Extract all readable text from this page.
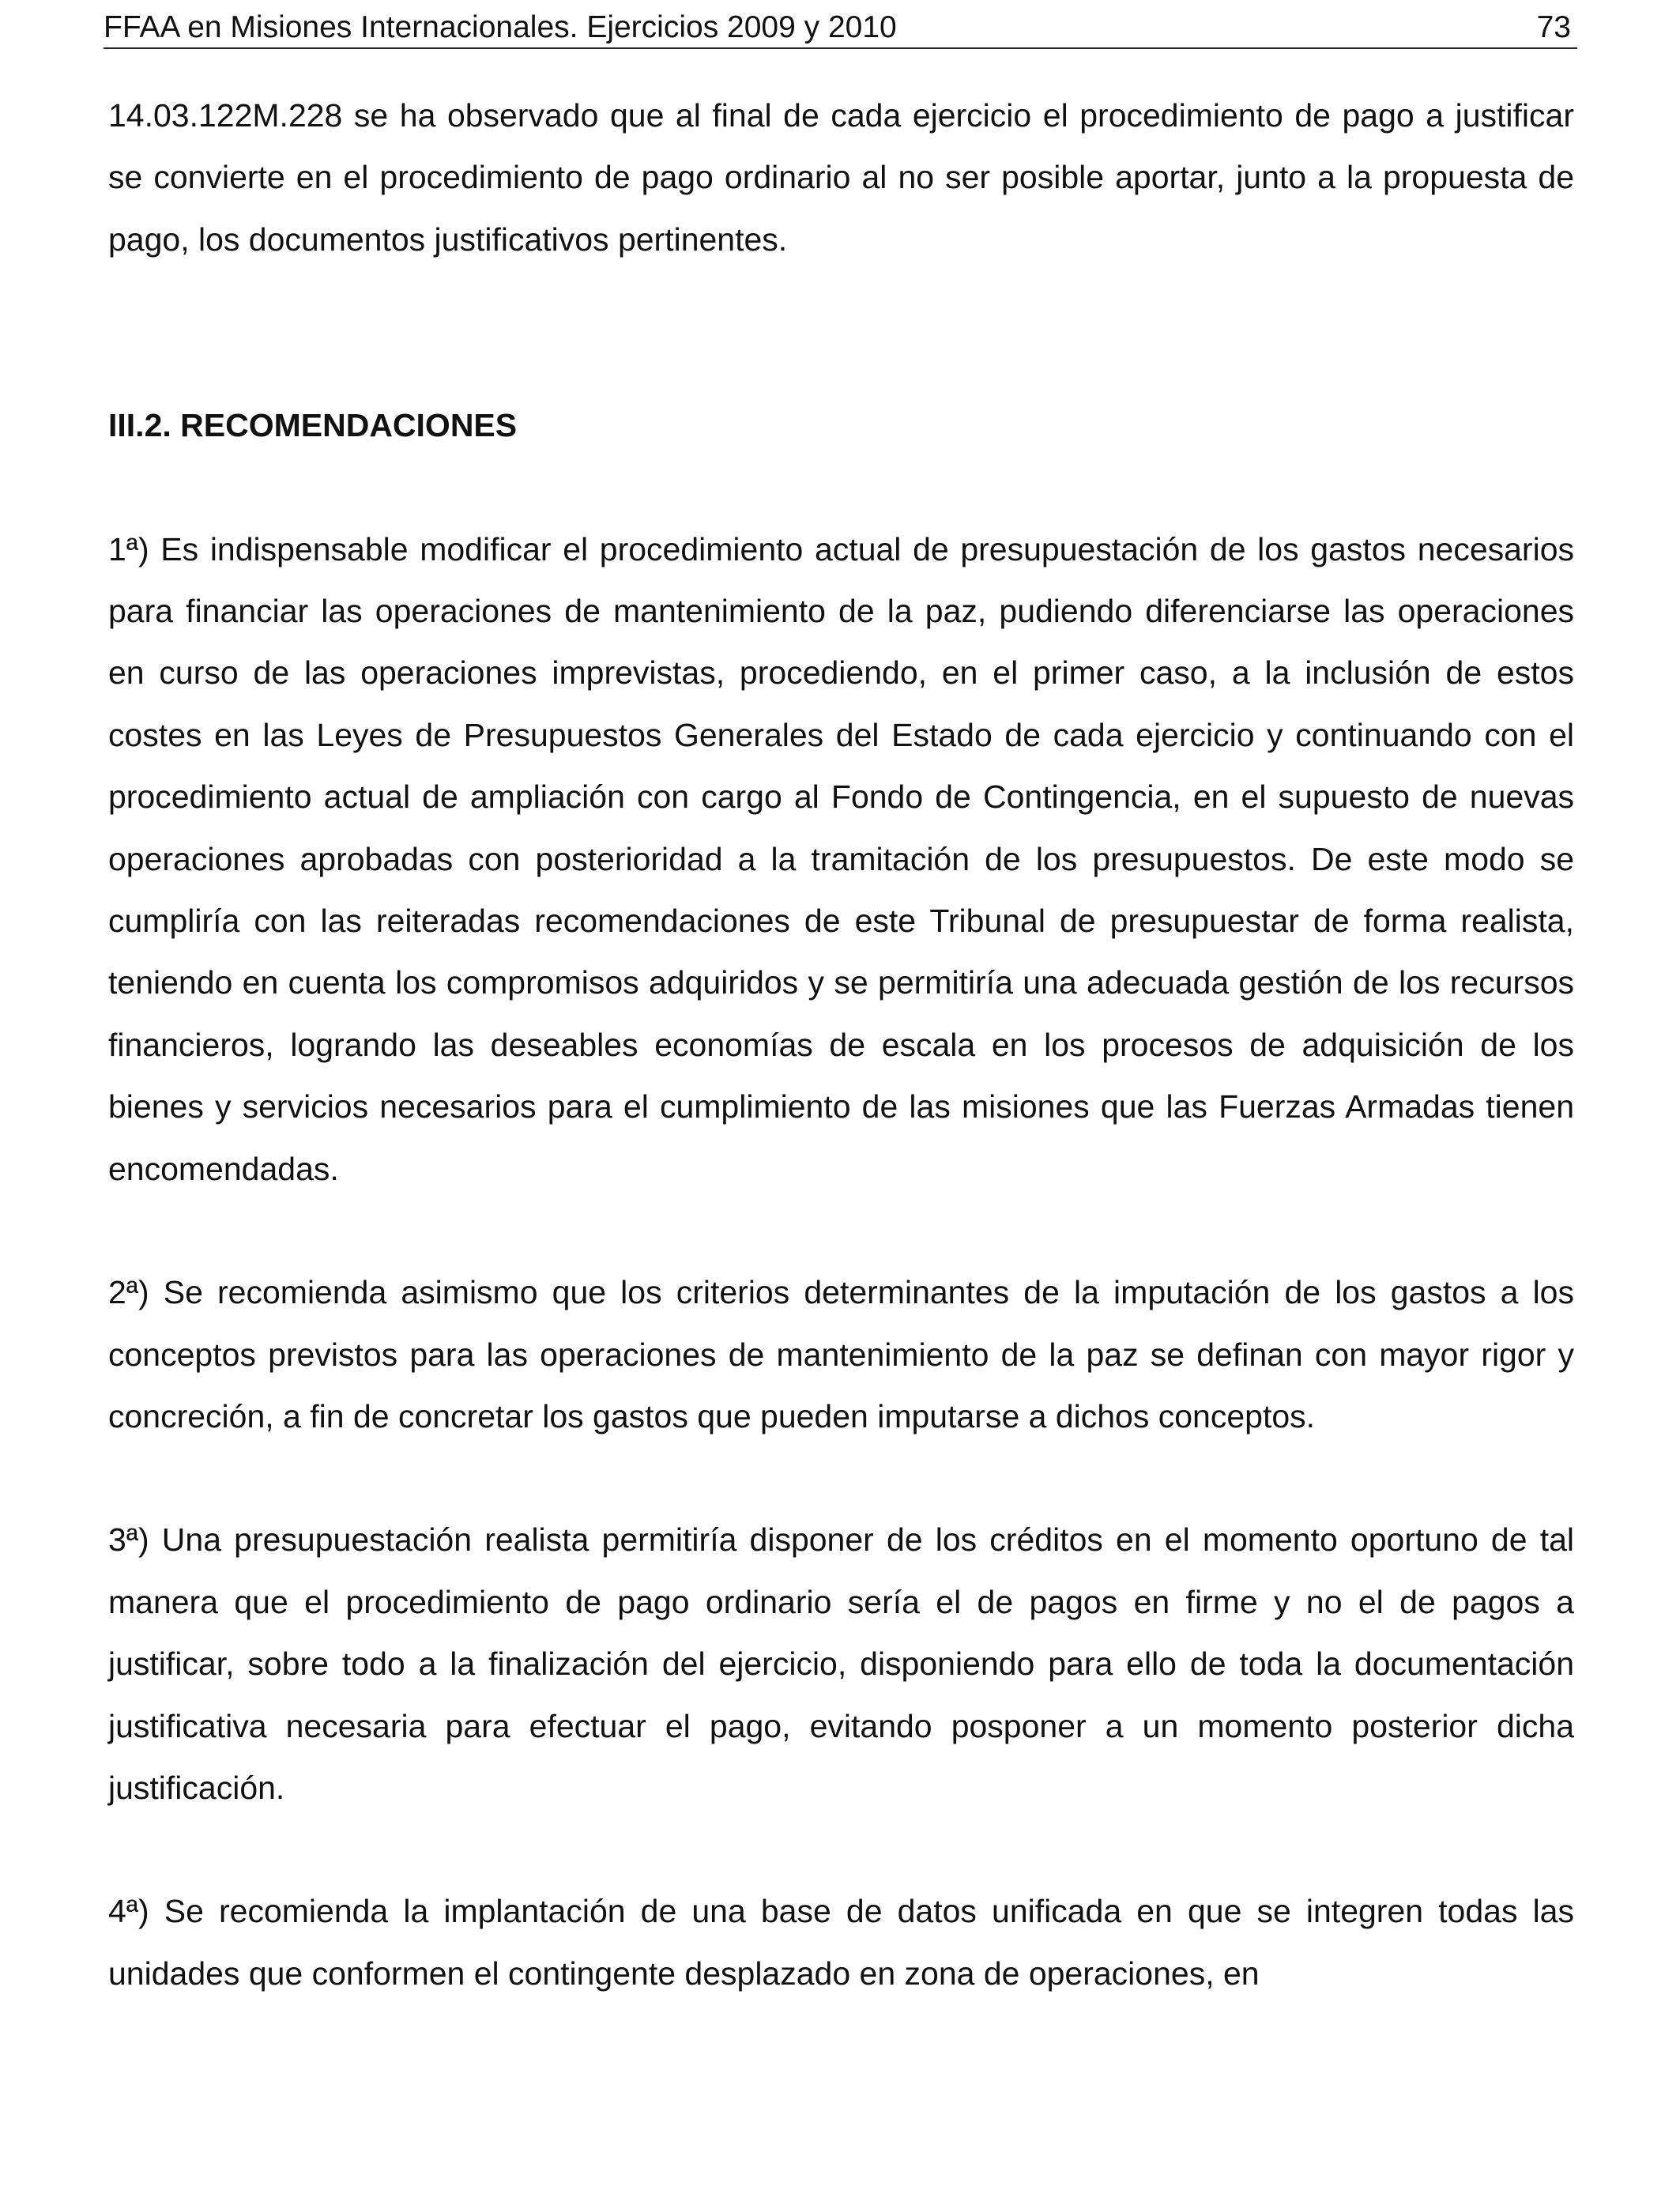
FFAA en Misiones Internacionales. Ejercicios 2009 y 2010	73

14.03.122M.228 se ha observado que al final de cada ejercicio el procedimiento de pago a justificar se convierte en el procedimiento de pago ordinario al no ser posible aportar, junto a la propuesta de pago, los documentos justificativos pertinentes.

III.2. RECOMENDACIONES

1ª) Es indispensable modificar el procedimiento actual de presupuestación de los gastos necesarios para financiar las operaciones de mantenimiento de la paz, pudiendo diferenciarse las operaciones en curso de las operaciones imprevistas, procediendo, en el primer caso, a la inclusión de estos costes en las Leyes de Presupuestos Generales del Estado de cada ejercicio y continuando con el procedimiento actual de ampliación con cargo al Fondo de Contingencia, en el supuesto de nuevas operaciones aprobadas con posterioridad a la tramitación de los presupuestos. De este modo se cumpliría con las reiteradas recomendaciones de este Tribunal de presupuestar de forma realista, teniendo en cuenta los compromisos adquiridos y se permitiría una adecuada gestión de los recursos financieros, logrando las deseables economías de escala en los procesos de adquisición de los bienes y servicios necesarios para el cumplimiento de las misiones que las Fuerzas Armadas tienen encomendadas.

2ª) Se recomienda asimismo que los criterios determinantes de la imputación de los gastos a los conceptos previstos para las operaciones de mantenimiento de la paz se definan con mayor rigor y concreción, a fin de concretar los gastos que pueden imputarse a dichos conceptos.

3ª) Una presupuestación realista permitiría disponer de los créditos en el momento oportuno de tal manera que el procedimiento de pago ordinario sería el de pagos en firme y no el de pagos a justificar, sobre todo a la finalización del ejercicio, disponiendo para ello de toda la documentación justificativa necesaria para efectuar el pago, evitando posponer a un momento posterior dicha justificación.

4ª) Se recomienda la implantación de una base de datos unificada en que se integren todas las unidades que conformen el contingente desplazado en zona de operaciones, en
